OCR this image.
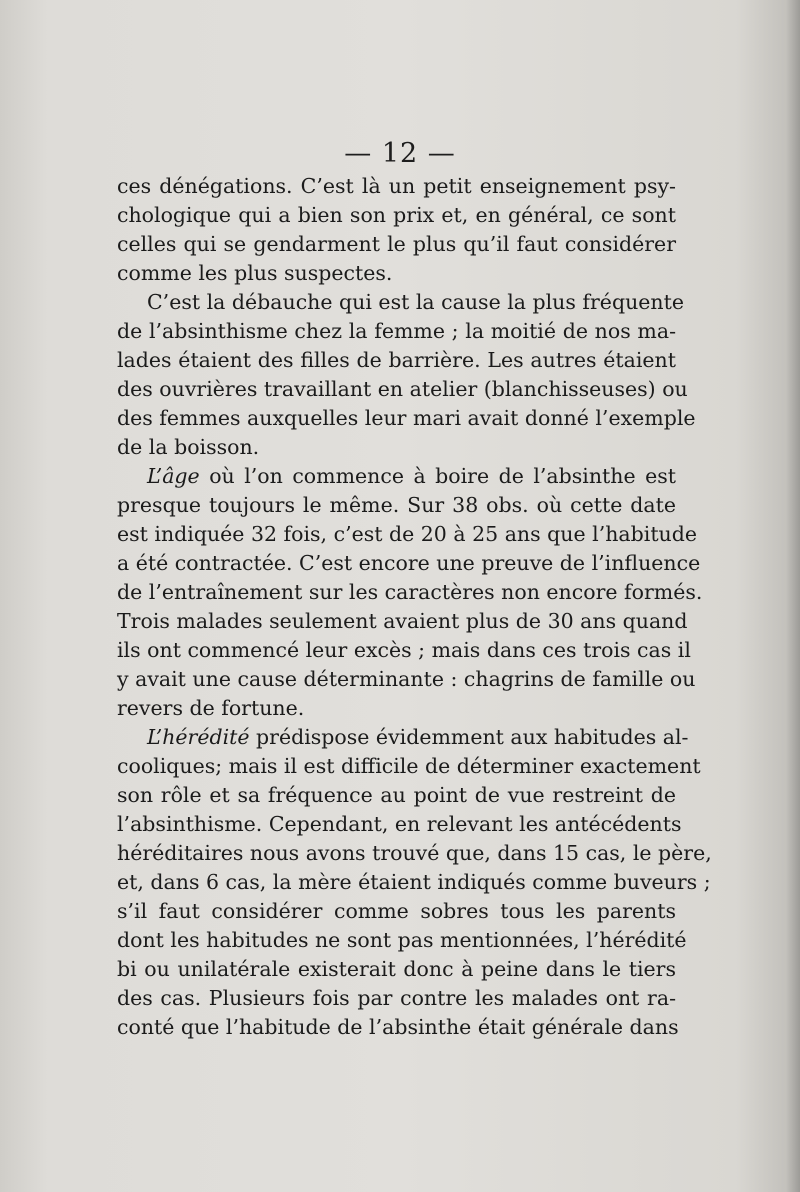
— 12 —
ces dénégations. C’est là un petit enseignement psy-
chologique qui a bien son prix et, en général, ce sont
celles qui se gendarment le plus qu’il faut considérer
comme les plus suspectes.
C’est la débauche qui est la cause la plus fréquente
de l’absinthisme chez la femme ; la moitié de nos ma-
lades étaient des filles de barrière. Les autres étaient
des ouvrières travaillant en atelier (blanchisseuses) ou
des femmes auxquelles leur mari avait donné l’exemple
de la boisson.
L’âge où l’on commence à boire de l’absinthe est
presque toujours le même. Sur 38 obs. où cette date
est indiquée 32 fois, c’est de 20 à 25 ans que l’habitude
a été contractée. C’est encore une preuve de l’influence
de l’entraînement sur les caractères non encore formés.
Trois malades seulement avaient plus de 30 ans quand
ils ont commencé leur excès ; mais dans ces trois cas il
y avait une cause déterminante : chagrins de famille ou
revers de fortune.
L’hérédité prédispose évidemment aux habitudes al-
cooliques; mais il est difficile de déterminer exactement
son rôle et sa fréquence au point de vue restreint de
l’absinthisme. Cependant, en relevant les antécédents
héréditaires nous avons trouvé que, dans 15 cas, le père,
et, dans 6 cas, la mère étaient indiqués comme buveurs ;
s’il faut considérer comme sobres tous les parents
dont les habitudes ne sont pas mentionnées, l’hérédité
bi ou unilatérale existerait donc à peine dans le tiers
des cas. Plusieurs fois par contre les malades ont ra-
conté que l’habitude de l’absinthe était générale dans
